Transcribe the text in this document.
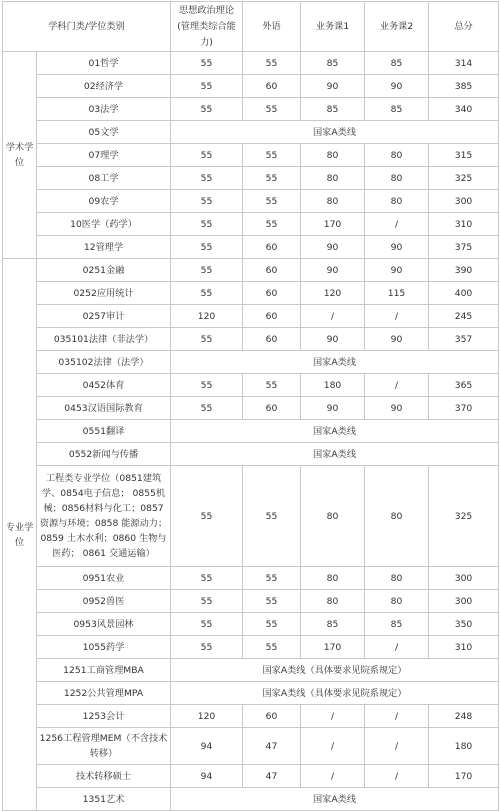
学科门类/学位类别		思想政治理论(管理类综合能力)	外语	业务课1	业务课2	总分
学术学位	01哲学	55	55	85	85	314
	02经济学	55	60	90	90	385
	03法学	55	55	85	85	340
	05文学	国家A类线				
	07理学	55	55	80	80	315
	08工学	55	55	80	80	325
	09农学	55	55	80	80	300
	10医学（药学）	55	55	170	/	310
	12管理学	55	60	90	90	375
专业学位	0251金融	55	60	90	90	390
	0252应用统计	55	60	120	115	400
	0257审计	120	60	/	/	245
	035101法律（非法学）	55	60	90	90	357
	035102法律（法学）	国家A类线				
	0452体育	55	55	180	/	365
	0453汉语国际教育	55	60	90	90	370
	0551翻译	国家A类线				
	0552新闻与传播	国家A类线				
	工程类专业学位（0851建筑学、0854电子信息； 0855机械；0856材料与化工；0857资源与环境；0858 能源动力；0859 土木水利；0860 生物与医药； 0861 交通运输）	55	55	80	80	325
	0951农业	55	55	80	80	300
	0952兽医	55	55	80	80	300
	0953风景园林	55	55	85	85	350
	1055药学	55	55	170	/	310
	1251工商管理MBA	国家A类线（具体要求见院系规定）				
	1252公共管理MPA	国家A类线（具体要求见院系规定）				
	1253会计	120	60	/	/	248
	1256工程管理MEM（不含技术转移）	94	47	/	/	180
	技术转移硕士	94	47	/	/	170
	1351艺术	国家A类线				
